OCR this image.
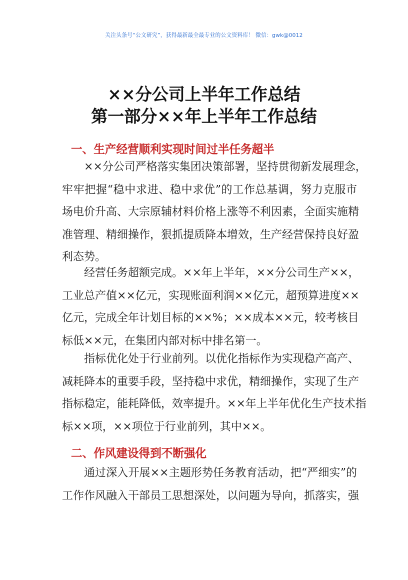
关注头条号“公文研究”，获得最新最全最专业的公文资料库！ 微信：gwk@0012
××分公司上半年工作总结
第一部分××年上半年工作总结
一、生产经营顺利实现时间过半任务超半
××分公司严格落实集团决策部署，坚持贯彻新发展理念，
牢牢把握“稳中求进、稳中求优”的工作总基调，努力克服市
场电价升高、大宗原辅材料价格上涨等不利因素，全面实施精
准管理、精细操作，狠抓提质降本增效，生产经营保持良好盈
利态势。
经营任务超额完成。××年上半年，××分公司生产××，
工业总产值××亿元，实现账面利润××亿元，超预算进度××
亿元，完成全年计划目标的××%；××成本××元，较考核目
标低××元，在集团内部对标中排名第一。
指标优化处于行业前列。以优化指标作为实现稳产高产、
减耗降本的重要手段，坚持稳中求优，精细操作，实现了生产
指标稳定，能耗降低，效率提升。××年上半年优化生产技术指
标××项，××项位于行业前列，其中××。
二、作风建设得到不断强化
通过深入开展××主题形势任务教育活动，把“严细实”的
工作作风融入干部员工思想深处，以问题为导向，抓落实，强
